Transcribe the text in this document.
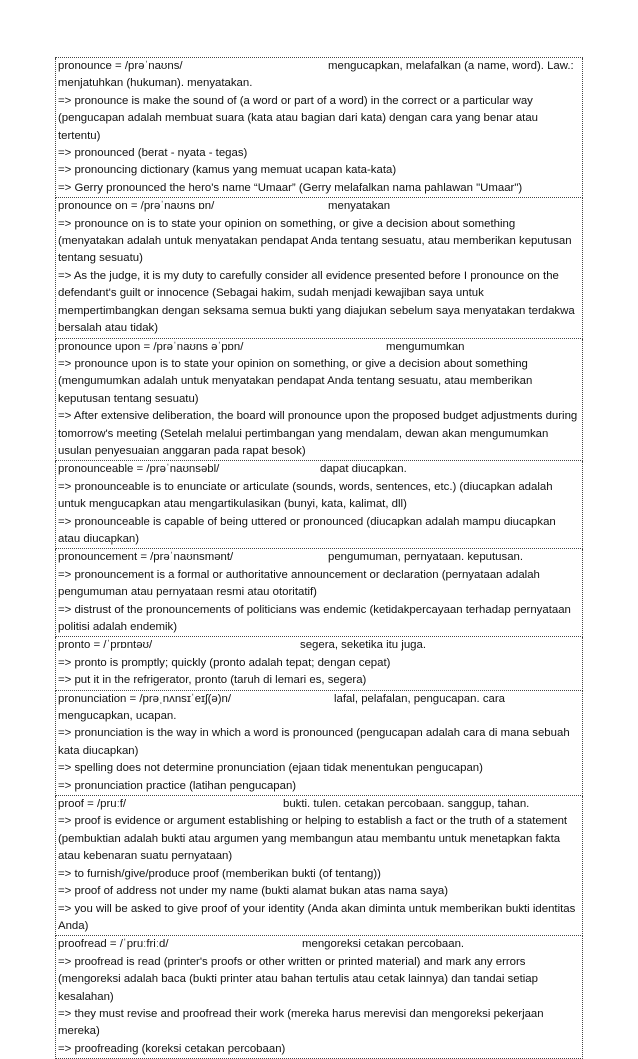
pronounce = /prəˈnaʊns/	mengucapkan, melafalkan (a name, word). Law.: menjatuhkan (hukuman). menyatakan.
=> pronounce is make the sound of (a word or part of a word) in the correct or a particular way (pengucapan adalah membuat suara (kata atau bagian dari kata) dengan cara yang benar atau tertentu)
=> pronounced (berat - nyata - tegas)
=> pronouncing dictionary (kamus yang memuat ucapan kata-kata)
=> Gerry pronounced the hero's name “Umaar” (Gerry melafalkan nama pahlawan "Umaar")
pronounce on = /prəˈnaʊns ɒn/	menyatakan
=> pronounce on is to state your opinion on something, or give a decision about something (menyatakan adalah untuk menyatakan pendapat Anda tentang sesuatu, atau memberikan keputusan tentang sesuatu)
=> As the judge, it is my duty to carefully consider all evidence presented before I pronounce on the defendant's guilt or innocence (Sebagai hakim, sudah menjadi kewajiban saya untuk mempertimbangkan dengan seksama semua bukti yang diajukan sebelum saya menyatakan terdakwa bersalah atau tidak)
pronounce upon = /prəˈnaʊns əˈpɒn/	mengumumkan
=> pronounce upon is to state your opinion on something, or give a decision about something (mengumumkan adalah untuk menyatakan pendapat Anda tentang sesuatu, atau memberikan keputusan tentang sesuatu)
=> After extensive deliberation, the board will pronounce upon the proposed budget adjustments during tomorrow's meeting (Setelah melalui pertimbangan yang mendalam, dewan akan mengumumkan usulan penyesuaian anggaran pada rapat besok)
pronounceable = /prəˈnaʊnsəbl/	dapat diucapkan.
=> pronounceable is to enunciate or articulate (sounds, words, sentences, etc.) (diucapkan adalah untuk mengucapkan atau mengartikulasikan (bunyi, kata, kalimat, dll)
=> pronounceable is capable of being uttered or pronounced (diucapkan adalah mampu diucapkan atau diucapkan)
pronouncement = /prəˈnaʊnsmənt/	pengumuman, pernyataan. keputusan.
=> pronouncement is a formal or authoritative announcement or declaration (pernyataan adalah pengumuman atau pernyataan resmi atau otoritatif)
=> distrust of the pronouncements of politicians was endemic (ketidakpercayaan terhadap pernyataan politisi adalah endemik)
pronto = /ˈprɒntəʊ/	segera, seketika itu juga.
=> pronto is promptly; quickly (pronto adalah tepat; dengan cepat)
=> put it in the refrigerator, pronto (taruh di lemari es, segera)
pronunciation = /prəˌnʌnsɪˈeɪʃ(ə)n/	lafal, pelafalan, pengucapan. cara mengucapkan, ucapan.
=> pronunciation is the way in which a word is pronounced (pengucapan adalah cara di mana sebuah kata diucapkan)
=> spelling does not determine pronunciation (ejaan tidak menentukan pengucapan)
=> pronunciation practice (latihan pengucapan)
proof = /pruːf/	bukti. tulen. cetakan percobaan. sanggup, tahan.
=> proof is evidence or argument establishing or helping to establish a fact or the truth of a statement (pembuktian adalah bukti atau argumen yang membangun atau membantu untuk menetapkan fakta atau kebenaran suatu pernyataan)
=> to furnish/give/produce proof (memberikan bukti (of tentang))
=> proof of address not under my name (bukti alamat bukan atas nama saya)
=> you will be asked to give proof of your identity (Anda akan diminta untuk memberikan bukti identitas Anda)
proofread = /ˈpruːfriːd/	mengoreksi cetakan percobaan.
=> proofread is read (printer's proofs or other written or printed material) and mark any errors (mengoreksi adalah baca (bukti printer atau bahan tertulis atau cetak lainnya) dan tandai setiap kesalahan)
=> they must revise and proofread their work (mereka harus merevisi dan mengoreksi pekerjaan mereka)
=> proofreading (koreksi cetakan percobaan)
